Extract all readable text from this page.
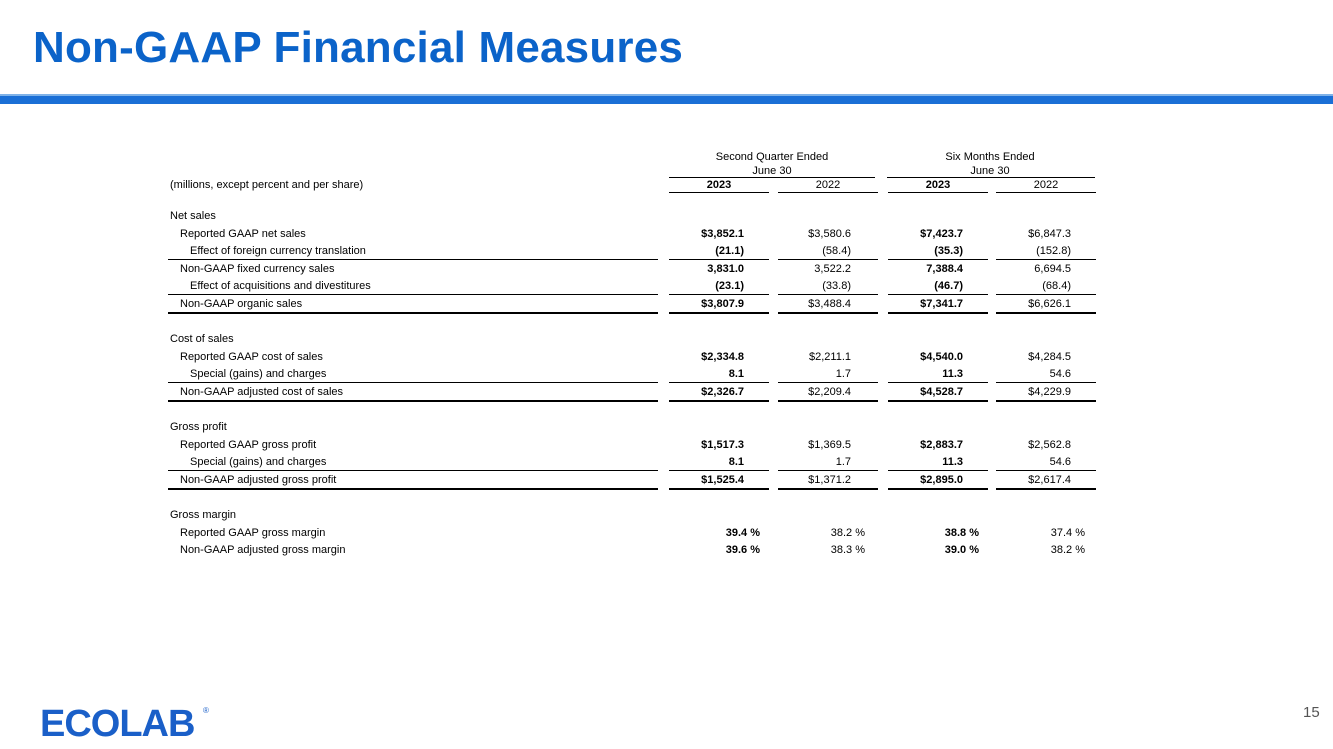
Non-GAAP Financial Measures
Second Quarter Ended
June 30
Six Months Ended
June 30
(millions, except percent and per share)	2023	2022	2023	2022
Net sales
Reported GAAP net sales	$3,852.1	$3,580.6	$7,423.7	$6,847.3
Effect of foreign currency translation	(21.1)	(58.4)	(35.3)	(152.8)
Non-GAAP fixed currency sales	3,831.0	3,522.2	7,388.4	6,694.5
Effect of acquisitions and divestitures	(23.1)	(33.8)	(46.7)	(68.4)
Non-GAAP organic sales	$3,807.9	$3,488.4	$7,341.7	$6,626.1
Cost of sales
Reported GAAP cost of sales	$2,334.8	$2,211.1	$4,540.0	$4,284.5
Special (gains) and charges	8.1	1.7	11.3	54.6
Non-GAAP adjusted cost of sales	$2,326.7	$2,209.4	$4,528.7	$4,229.9
Gross profit
Reported GAAP gross profit	$1,517.3	$1,369.5	$2,883.7	$2,562.8
Special (gains) and charges	8.1	1.7	11.3	54.6
Non-GAAP adjusted gross profit	$1,525.4	$1,371.2	$2,895.0	$2,617.4
Gross margin
Reported GAAP gross margin	39.4 %	38.2 %	38.8 %	37.4 %
Non-GAAP adjusted gross margin	39.6 %	38.3 %	39.0 %	38.2 %
ECOLAB ®	15
